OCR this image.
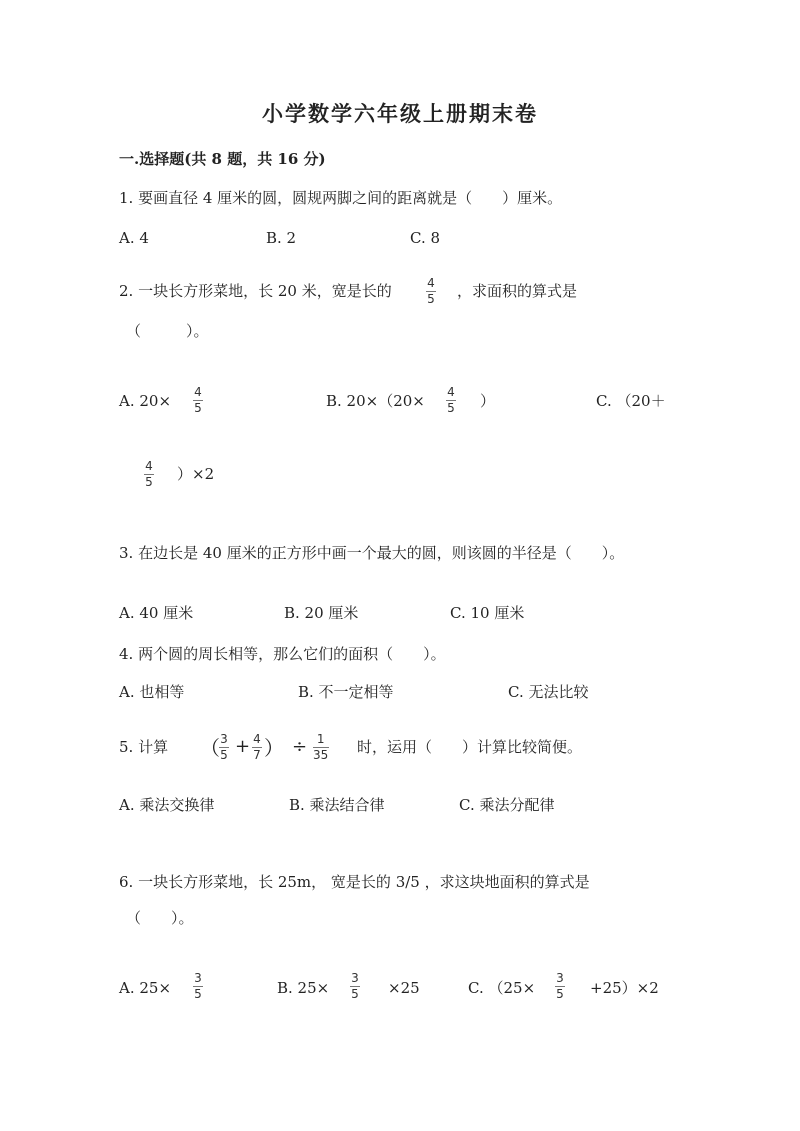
小学数学六年级上册期末卷
一.选择题(共 8 题，共 16 分)
1. 要画直径 4 厘米的圆，圆规两脚之间的距离就是（　　）厘米。
A. 4	B. 2	C. 8
2. 一块长方形菜地，长 20 米，宽是长的	4
5 ，求面积的算式是
（　　　）。
A. 20× 4
5	B. 20×（20× 4
5 ）	C. （20＋
4
5 ）×2
3. 在边长是 40 厘米的正方形中画一个最大的圆，则该圆的半径是（　　）。
A. 40 厘米	B. 20 厘米	C. 10 厘米
4. 两个圆的周长相等，那么它们的面积（　　）。
A. 也相等	B. 不一定相等	C. 无法比较
5. 计算 （ 3
5 + 4
7 ） ÷ 1
35 时，运用（　　）计算比较简便。
A. 乘法交换律	B. 乘法结合律	C. 乘法分配律
6. 一块长方形菜地，长 25m， 宽是长的 3/5 ，求这块地面积的算式是
（　　）。
A. 25×
3
5	B. 25×
3
5 ×25	C. （25×
3
5 +25）×2
